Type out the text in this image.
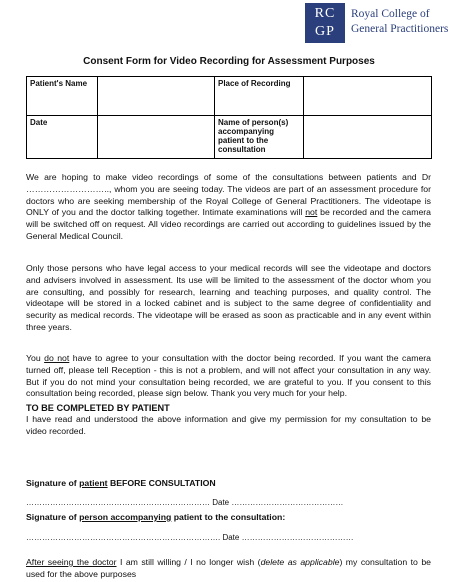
RC
GP
Royal College of
General Practitioners
Consent Form for Video Recording for Assessment Purposes
Patient's Name		Place of Recording	
Date		Name of person(s) accompanying patient to the consultation	

We are hoping to make video recordings of some of the consultations between patients and Dr ……………………….., whom you are seeing today. The videos are part of an assessment procedure for doctors who are seeking membership of the Royal College of General Practitioners. The videotape is ONLY of you and the doctor talking together. Intimate examinations will not be recorded and the camera will be switched off on request. All video recordings are carried out according to guidelines issued by the General Medical Council.

Only those persons who have legal access to your medical records will see the videotape and doctors and advisers involved in assessment. Its use will be limited to the assessment of the doctor whom you are consulting, and possibly for research, learning and teaching purposes, and quality control. The videotape will be stored in a locked cabinet and is subject to the same degree of confidentiality and security as medical records. The videotape will be erased as soon as practicable and in any event within three years.

You do not have to agree to your consultation with the doctor being recorded. If you want the camera turned off, please tell Reception - this is not a problem, and will not affect your consultation in any way. But if you do not mind your consultation being recorded, we are grateful to you. If you consent to this consultation being recorded, please sign below. Thank you very much for your help.

TO BE COMPLETED BY PATIENT

I have read and understood the above information and give my permission for my consultation to be video recorded.

Signature of patient BEFORE CONSULTATION
…………………………………………………………… Date ……………………………………
Signature of person accompanying patient to the consultation:
………………………………………………………………. Date ……………………………………

After seeing the doctor I am still willing / I no longer wish (delete as applicable) my consultation to be used for the above purposes
